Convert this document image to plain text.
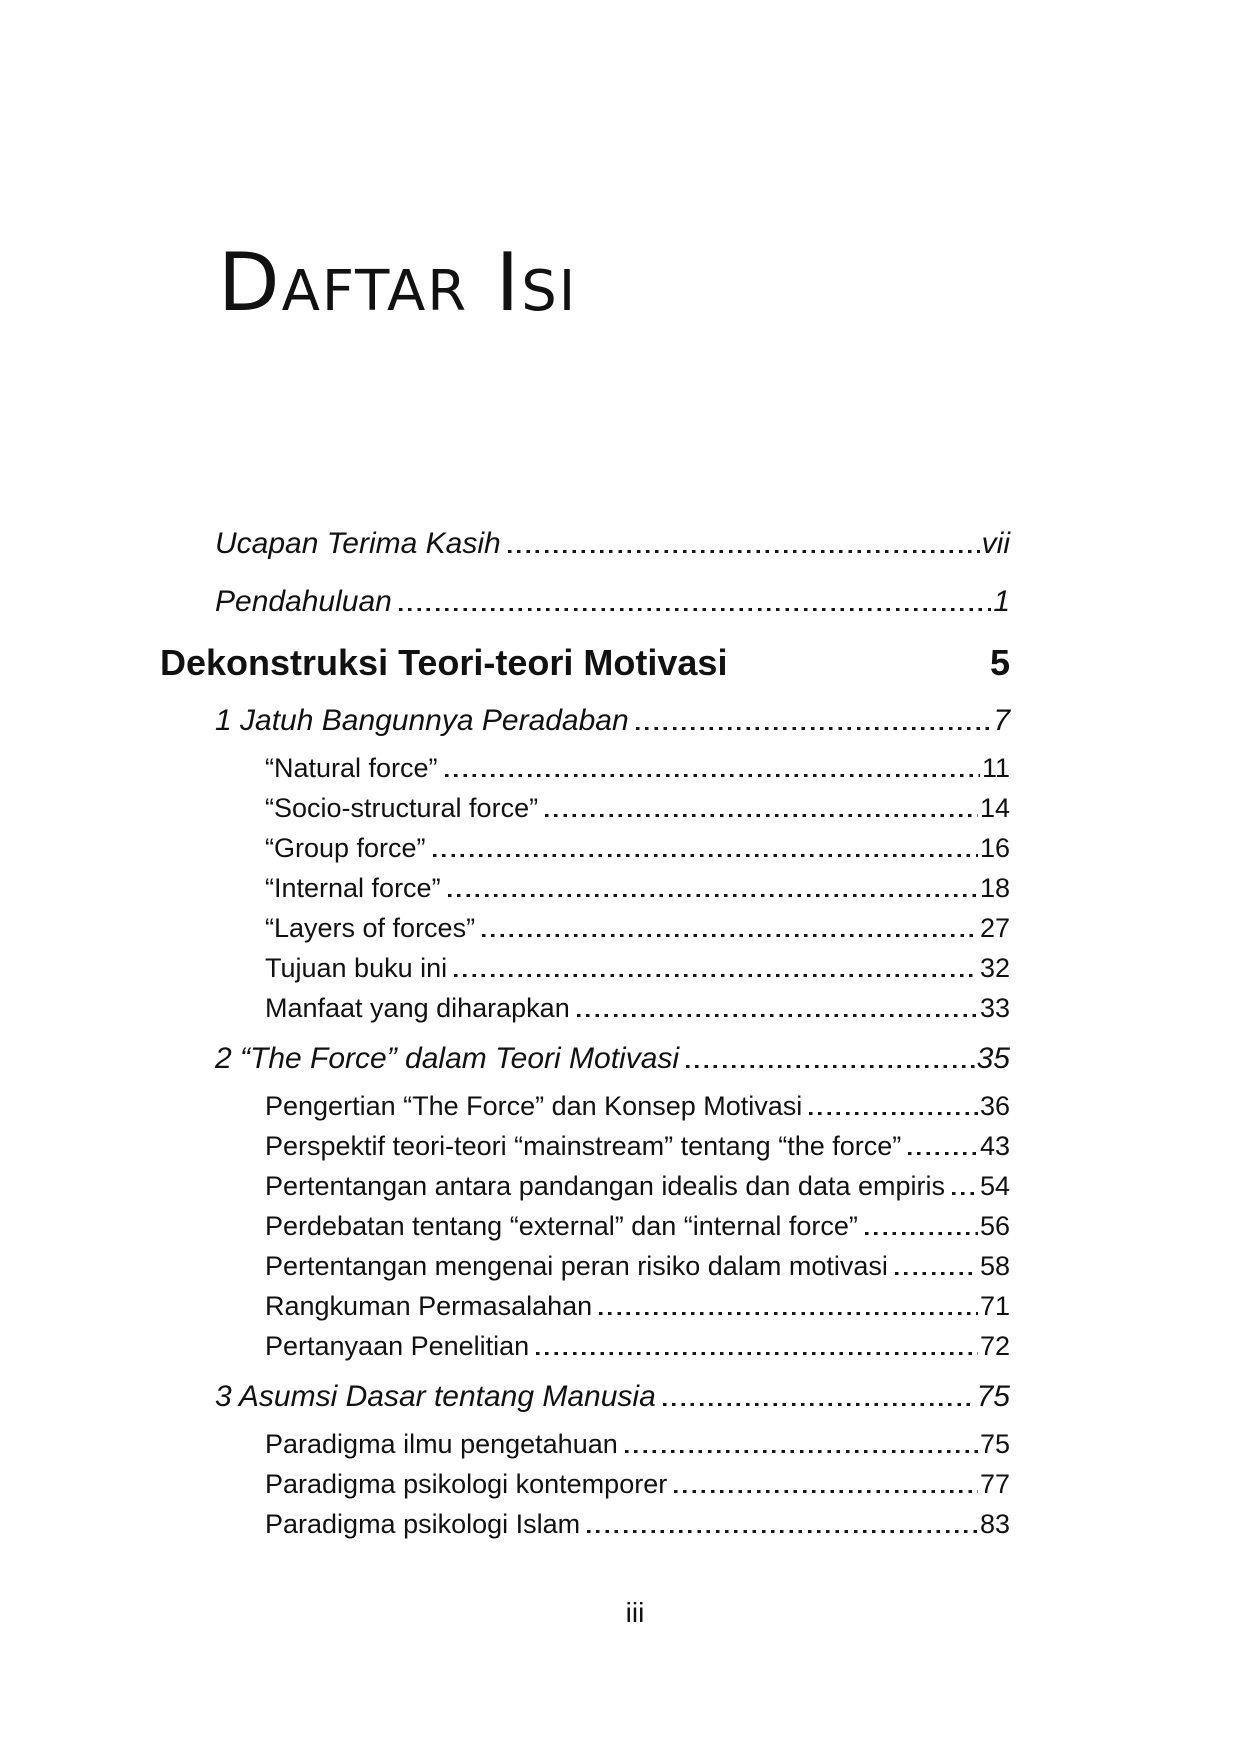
Daftar Isi
Ucapan Terima Kasih	vii
Pendahuluan	1
Dekonstruksi Teori-teori Motivasi	5
1 Jatuh Bangunnya Peradaban	7
“Natural force”	11
“Socio-structural force”	14
“Group force”	16
“Internal force”	18
“Layers of forces”	27
Tujuan buku ini	32
Manfaat yang diharapkan	33
2 “The Force” dalam Teori Motivasi	35
Pengertian “The Force” dan Konsep Motivasi	36
Perspektif teori-teori “mainstream” tentang “the force”	43
Pertentangan antara pandangan idealis dan data empiris 54
Perdebatan tentang “external” dan “internal force”	56
Pertentangan mengenai peran risiko dalam motivasi	58
Rangkuman Permasalahan	71
Pertanyaan Penelitian	72
3 Asumsi Dasar tentang Manusia	75
Paradigma ilmu pengetahuan	75
Paradigma psikologi kontemporer	77
Paradigma psikologi Islam	83
iii
